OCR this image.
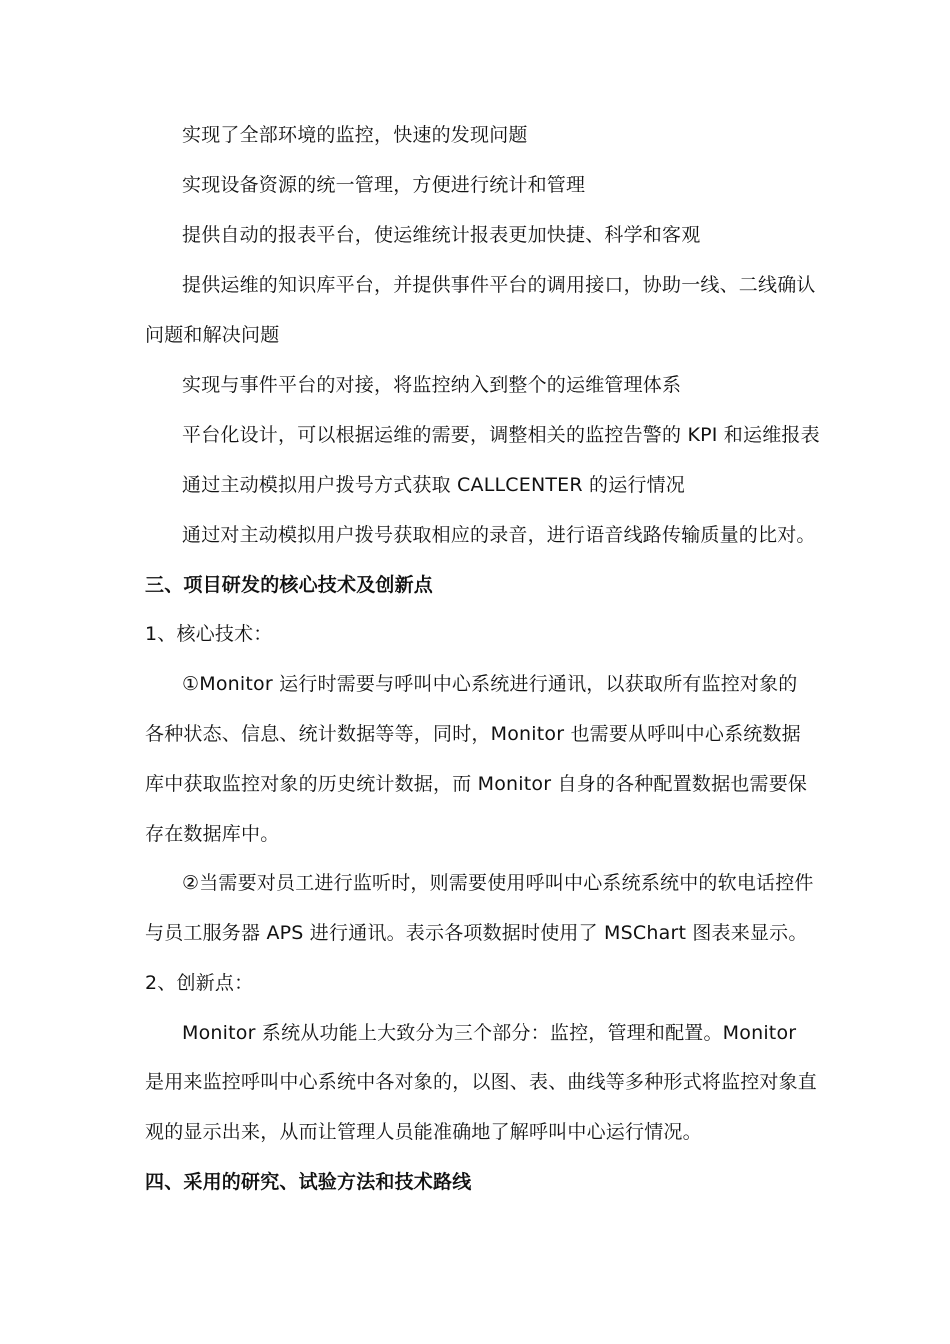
实现了全部环境的监控，快速的发现问题
实现设备资源的统一管理，方便进行统计和管理
提供自动的报表平台，使运维统计报表更加快捷、科学和客观
提供运维的知识库平台，并提供事件平台的调用接口，协助一线、二线确认
问题和解决问题
实现与事件平台的对接，将监控纳入到整个的运维管理体系
平台化设计，可以根据运维的需要，调整相关的监控告警的 KPI 和运维报表
通过主动模拟用户拨号方式获取 CALLCENTER 的运行情况
通过对主动模拟用户拨号获取相应的录音，进行语音线路传输质量的比对。
三、项目研发的核心技术及创新点
1、核心技术：
①Monitor 运行时需要与呼叫中心系统进行通讯，以获取所有监控对象的
各种状态、信息、统计数据等等，同时，Monitor 也需要从呼叫中心系统数据
库中获取监控对象的历史统计数据，而 Monitor 自身的各种配置数据也需要保
存在数据库中。
②当需要对员工进行监听时，则需要使用呼叫中心系统系统中的软电话控件
与员工服务器 APS 进行通讯。表示各项数据时使用了 MSChart 图表来显示。
2、创新点：
Monitor 系统从功能上大致分为三个部分：监控，管理和配置。Monitor
是用来监控呼叫中心系统中各对象的，以图、表、曲线等多种形式将监控对象直
观的显示出来，从而让管理人员能准确地了解呼叫中心运行情况。
四、采用的研究、试验方法和技术路线
